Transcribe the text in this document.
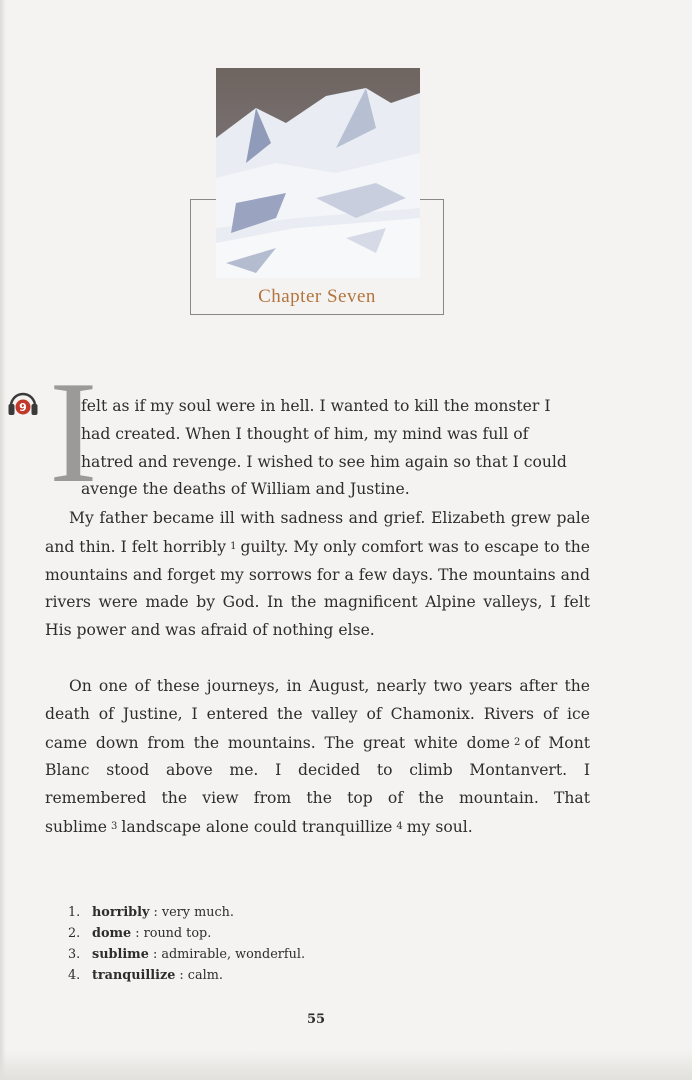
Chapter Seven
9 I
felt as if my soul were in hell. I wanted to kill the monster I
had created. When I thought of him, my mind was full of
hatred and revenge. I wished to see him again so that I could
avenge the deaths of William and Justine.
My father became ill with sadness and grief. Elizabeth grew pale and thin. I felt horribly 1 guilty. My only comfort was to escape to the mountains and forget my sorrows for a few days. The mountains and rivers were made by God. In the magnificent Alpine valleys, I felt His power and was afraid of nothing else.
On one of these journeys, in August, nearly two years after the death of Justine, I entered the valley of Chamonix. Rivers of ice came down from the mountains. The great white dome 2 of Mont Blanc stood above me. I decided to climb Montanvert. I remembered the view from the top of the mountain. That sublime 3 landscape alone could tranquillize 4 my soul.
1. horribly : very much.
2. dome : round top.
3. sublime : admirable, wonderful.
4. tranquillize : calm.
55
